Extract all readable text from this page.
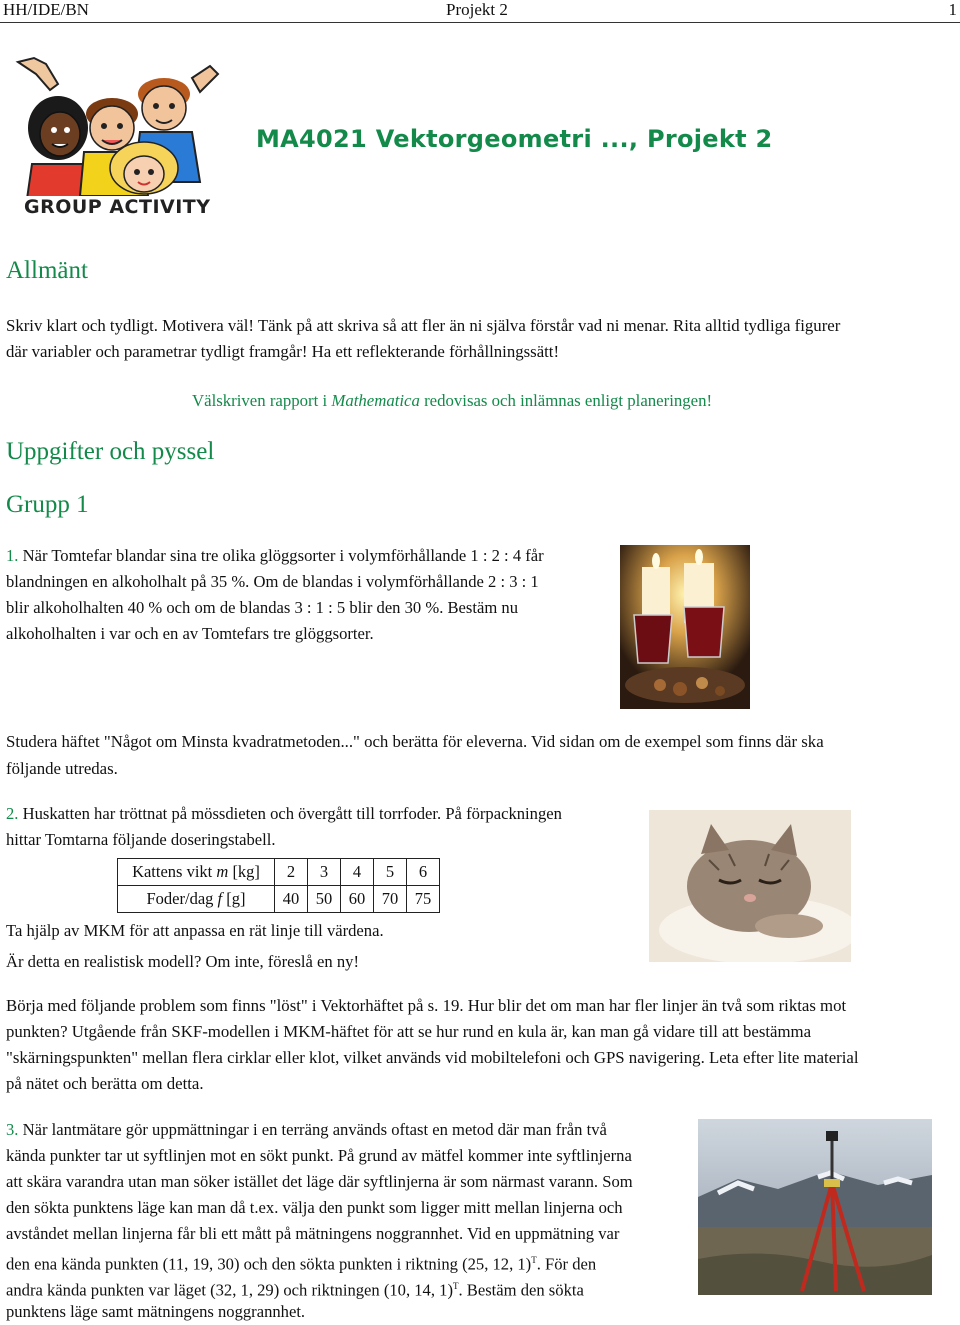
HH/IDE/BN	Projekt 2	1
GROUP ACTIVITY
MA4021 Vektorgeometri ..., Projekt 2
Allmänt
Skriv klart och tydligt. Motivera väl! Tänk på att skriva så att fler än ni själva förstår vad ni menar. Rita alltid tydliga figurer
där variabler och parametrar tydligt framgår! Ha ett reflekterande förhållningssätt!
Välskriven rapport i Mathematica redovisas och inlämnas enligt planeringen!
Uppgifter och pyssel
Grupp 1
1. När Tomtefar blandar sina tre olika glöggsorter i volymförhållande 1 : 2 : 4 får
blandningen en alkoholhalt på 35 %. Om de blandas i volymförhållande 2 : 3 : 1
blir alkoholhalten 40 % och om de blandas 3 : 1 : 5 blir den 30 %. Bestäm nu
alkoholhalten i var och en av Tomtefars tre glöggsorter.
Studera häftet "Något om Minsta kvadratmetoden..." och berätta för eleverna. Vid sidan om de exempel som finns där ska
följande utredas.
2. Huskatten har tröttnat på mössdieten och övergått till torrfoder. På förpackningen
hittar Tomtarna följande doseringstabell.
Kattens vikt m [kg]	2	3	4	5	6
Foder/dag f [g]	40	50	60	70	75
Ta hjälp av MKM för att anpassa en rät linje till värdena.
Är detta en realistisk modell? Om inte, föreslå en ny!
Börja med följande problem som finns "löst" i Vektorhäftet på s. 19. Hur blir det om man har fler linjer än två som riktas mot
punkten? Utgående från SKF-modellen i MKM-häftet för att se hur rund en kula är, kan man gå vidare till att bestämma
"skärningspunkten" mellan flera cirklar eller klot, vilket används vid mobiltelefoni och GPS navigering. Leta efter lite material
på nätet och berätta om detta.
3. När lantmätare gör uppmättningar i en terräng används oftast en metod där man från två
kända punkter tar ut syftlinjen mot en sökt punkt. På grund av mätfel kommer inte syftlinjerna
att skära varandra utan man söker istället det läge där syftlinjerna är som närmast varann. Som
den sökta punktens läge kan man då t.ex. välja den punkt som ligger mitt mellan linjerna och
avståndet mellan linjerna får bli ett mått på mätningens noggrannhet. Vid en uppmätning var
den ena kända punkten (11, 19, 30) och den sökta punkten i riktning (25, 12, 1)$^T$. För den
andra kända punkten var läget (32, 1, 29) och riktningen (10, 14, 1)$^T$. Bestäm den sökta
punktens läge samt mätningens noggrannhet.
